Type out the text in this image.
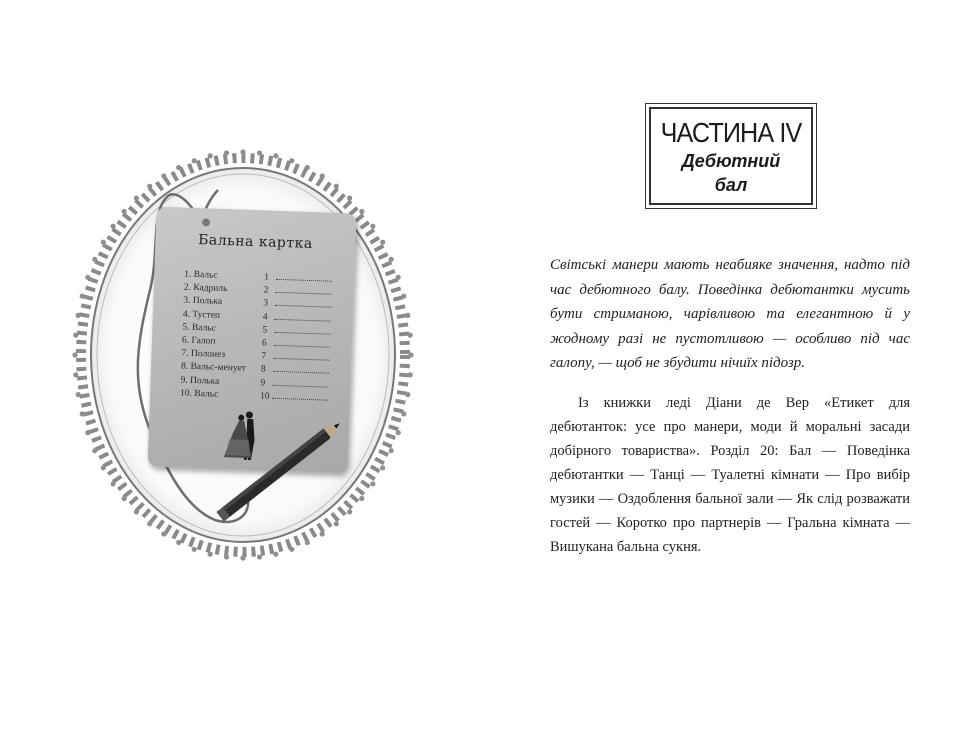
Бальна картка
1. Вальс	1
2. Кадриль	2
3. Полька	3
4. Тустеп	4
5. Вальс	5
6. Галоп	6
7. Полонез	7
8. Вальс-менует	8
9. Полька	9
10. Вальс	10
ЧАСТИНА IV
Дебютний бал

Світські манери мають неабияке значення, надто під час дебютного балу. Поведінка дебютантки мусить бути стриманою, чарівливою та елегантною й у жодному разі не пустотливою — особливо під час галопу, — щоб не збудити нічиїх підозр.

Із книжки леді Діани де Вер «Етикет для дебютанток: усе про манери, моди й моральні засади добірного товариства». Розділ 20: Бал — Поведінка дебютантки — Танці — Туалетні кімнати — Про вибір музики — Оздоблення бальної зали — Як слід розважати гостей — Коротко про партнерів — Гральна кімната — Вишукана бальна сукня.
